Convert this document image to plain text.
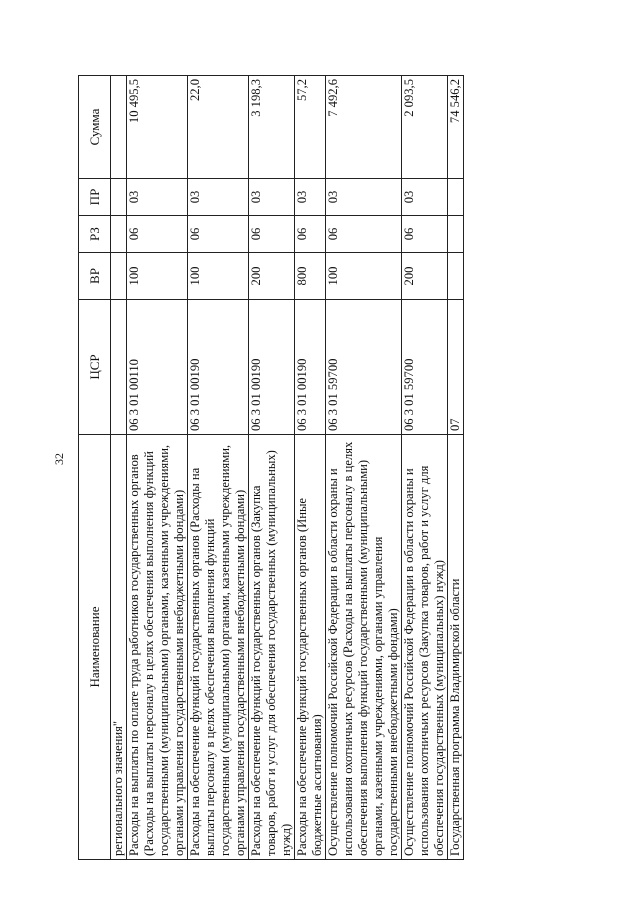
32
Наименование	ЦСР	ВР	РЗ	ПР	Сумма
регионального значения"					
Расходы на выплаты по оплате труда работников государственных органов (Расходы на выплаты персоналу в целях обеспечения выполнения функций государственными (муниципальными) органами, казенными учреждениями, органами управления государственными внебюджетными фондами)	06 3 01 00110	100	06	03	10 495,5
Расходы на обеспечение функций государственных органов (Расходы на выплаты персоналу в целях обеспечения выполнения функций государственными (муниципальными) органами, казенными учреждениями, органами управления государственными внебюджетными фондами)	06 3 01 00190	100	06	03	22,0
Расходы на обеспечение функций государственных органов (Закупка товаров, работ и услуг для обеспечения государственных (муниципальных) нужд)	06 3 01 00190	200	06	03	3 198,3
Расходы на обеспечение функций государственных органов (Иные бюджетные ассигнования)	06 3 01 00190	800	06	03	57,2
Осуществление полномочий Российской Федерации в области охраны и использования охотничьих ресурсов (Расходы на выплаты персоналу в целях обеспечения выполнения функций государственными (муниципальными) органами, казенными учреждениями, органами управления государственными внебюджетными фондами)	06 3 01 59700	100	06	03	7 492,6
Осуществление полномочий Российской Федерации в области охраны и использования охотничьих ресурсов (Закупка товаров, работ и услуг для обеспечения государственных (муниципальных) нужд)	06 3 01 59700	200	06	03	2 093,5
Государственная программа Владимирской области	07				74 546,2
